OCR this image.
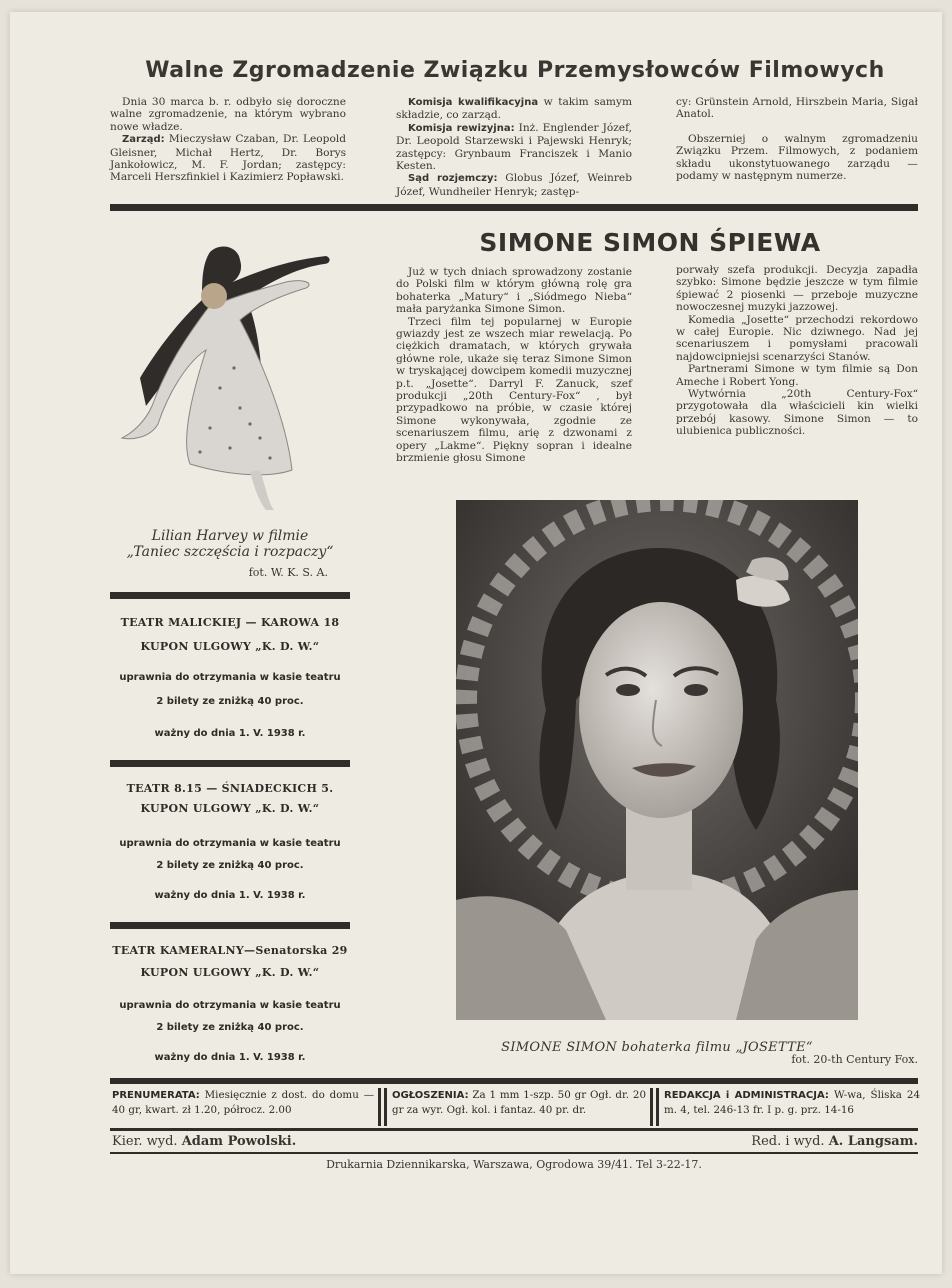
Walne Zgromadzenie Związku Przemysłowców Filmowych

Dnia 30 marca b. r. odbyło się doroczne walne zgromadzenie, na którym wybrano nowe władze.

Zarząd: Mieczysław Czaban, Dr. Leopold Gleisner, Michał Hertz, Dr. Borys Jankołowicz, M. F. Jordan; zastępcy: Marceli Herszfinkiel i Kazimierz Popławski.

Komisja kwalifikacyjna w takim samym składzie, co zarząd.

Komisja rewizyjna: Inż. Englender Józef, Dr. Leopold Starzewski i Pajewski Henryk; zastępcy: Grynbaum Franciszek i Manio Kesten.

Sąd rozjemczy: Globus Józef, Weinreb Józef, Wundheiler Henryk; zastęp-

cy: Grünstein Arnold, Hirszbein Maria, Sigał Anatol.

Obszerniej o walnym zgromadzeniu Związku Przem. Filmowych, z podaniem składu ukonstytuowanego zarządu — podamy w następnym numerze.

Lilian Harvey w filmie
„Taniec szczęścia i rozpaczy“
fot. W. K. S. A.
TEATR MALICKIEJ — KAROWA 18
KUPON ULGOWY „K. D. W.“
uprawnia do otrzymania w kasie teatru
2 bilety ze zniżką 40 proc.
ważny do dnia 1. V. 1938 r.
TEATR 8.15 — ŚNIADECKICH 5.
KUPON ULGOWY „K. D. W.“
uprawnia do otrzymania w kasie teatru
2 bilety ze zniżką 40 proc.
ważny do dnia 1. V. 1938 r.
TEATR KAMERALNY—Senatorska 29
KUPON ULGOWY „K. D. W.“
uprawnia do otrzymania w kasie teatru
2 bilety ze zniżką 40 proc.
ważny do dnia 1. V. 1938 r.
SIMONE SIMON ŚPIEWA

Już w tych dniach sprowadzony zostanie do Polski film w którym główną rolę gra bohaterka „Matury“ i „Siódmego Nieba“ mała paryżanka Simone Simon.

Trzeci film tej popularnej w Europie gwiazdy jest ze wszech miar rewelacją. Po ciężkich dramatach, w których grywała główne role, ukaże się teraz Simone Simon w tryskającej dowcipem komedii muzycznej p.t. „Josette“. Darryl F. Zanuck, szef produkcji „20th Century-Fox“ , był przypadkowo na próbie, w czasie której Simone wykonywała, zgodnie ze scenariuszem filmu, arię z dzwonami z opery „Lakme“. Piękny sopran i idealne brzmienie głosu Simone

porwały szefa produkcji. Decyzja zapadła szybko: Simone będzie jeszcze w tym filmie śpiewać 2 piosenki — przeboje muzyczne nowoczesnej muzyki jazzowej.

Komedia „Josette“ przechodzi rekordowo w całej Europie. Nic dziwnego. Nad jej scenariuszem i pomysłami pracowali najdowcipniejsi scenarzyści Stanów.

Partnerami Simone w tym filmie są Don Ameche i Robert Yong.

Wytwórnia „20th Century-Fox“ przygotowała dla właścicieli kin wielki przebój kasowy. Simone Simon — to ulubienica publiczności.

SIMONE SIMON bohaterka filmu „JOSETTE“
fot. 20-th Century Fox.
PRENUMERATA: Miesięcznie z dost. do domu — 40 gr, kwart. zł 1.20, półrocz. 2.00
OGŁOSZENIA: Za 1 mm 1-szp. 50 gr Ogł. dr. 20 gr za wyr. Ogł. kol. i fantaz. 40 pr. dr.
REDAKCJA i ADMINISTRACJA: W-wa, Śliska 24 m. 4, tel. 246-13 fr. I p. g. prz. 14-16
Kier. wyd. Adam Powolski.	Red. i wyd. A. Langsam.
Drukarnia Dziennikarska, Warszawa, Ogrodowa 39/41. Tel 3-22-17.
